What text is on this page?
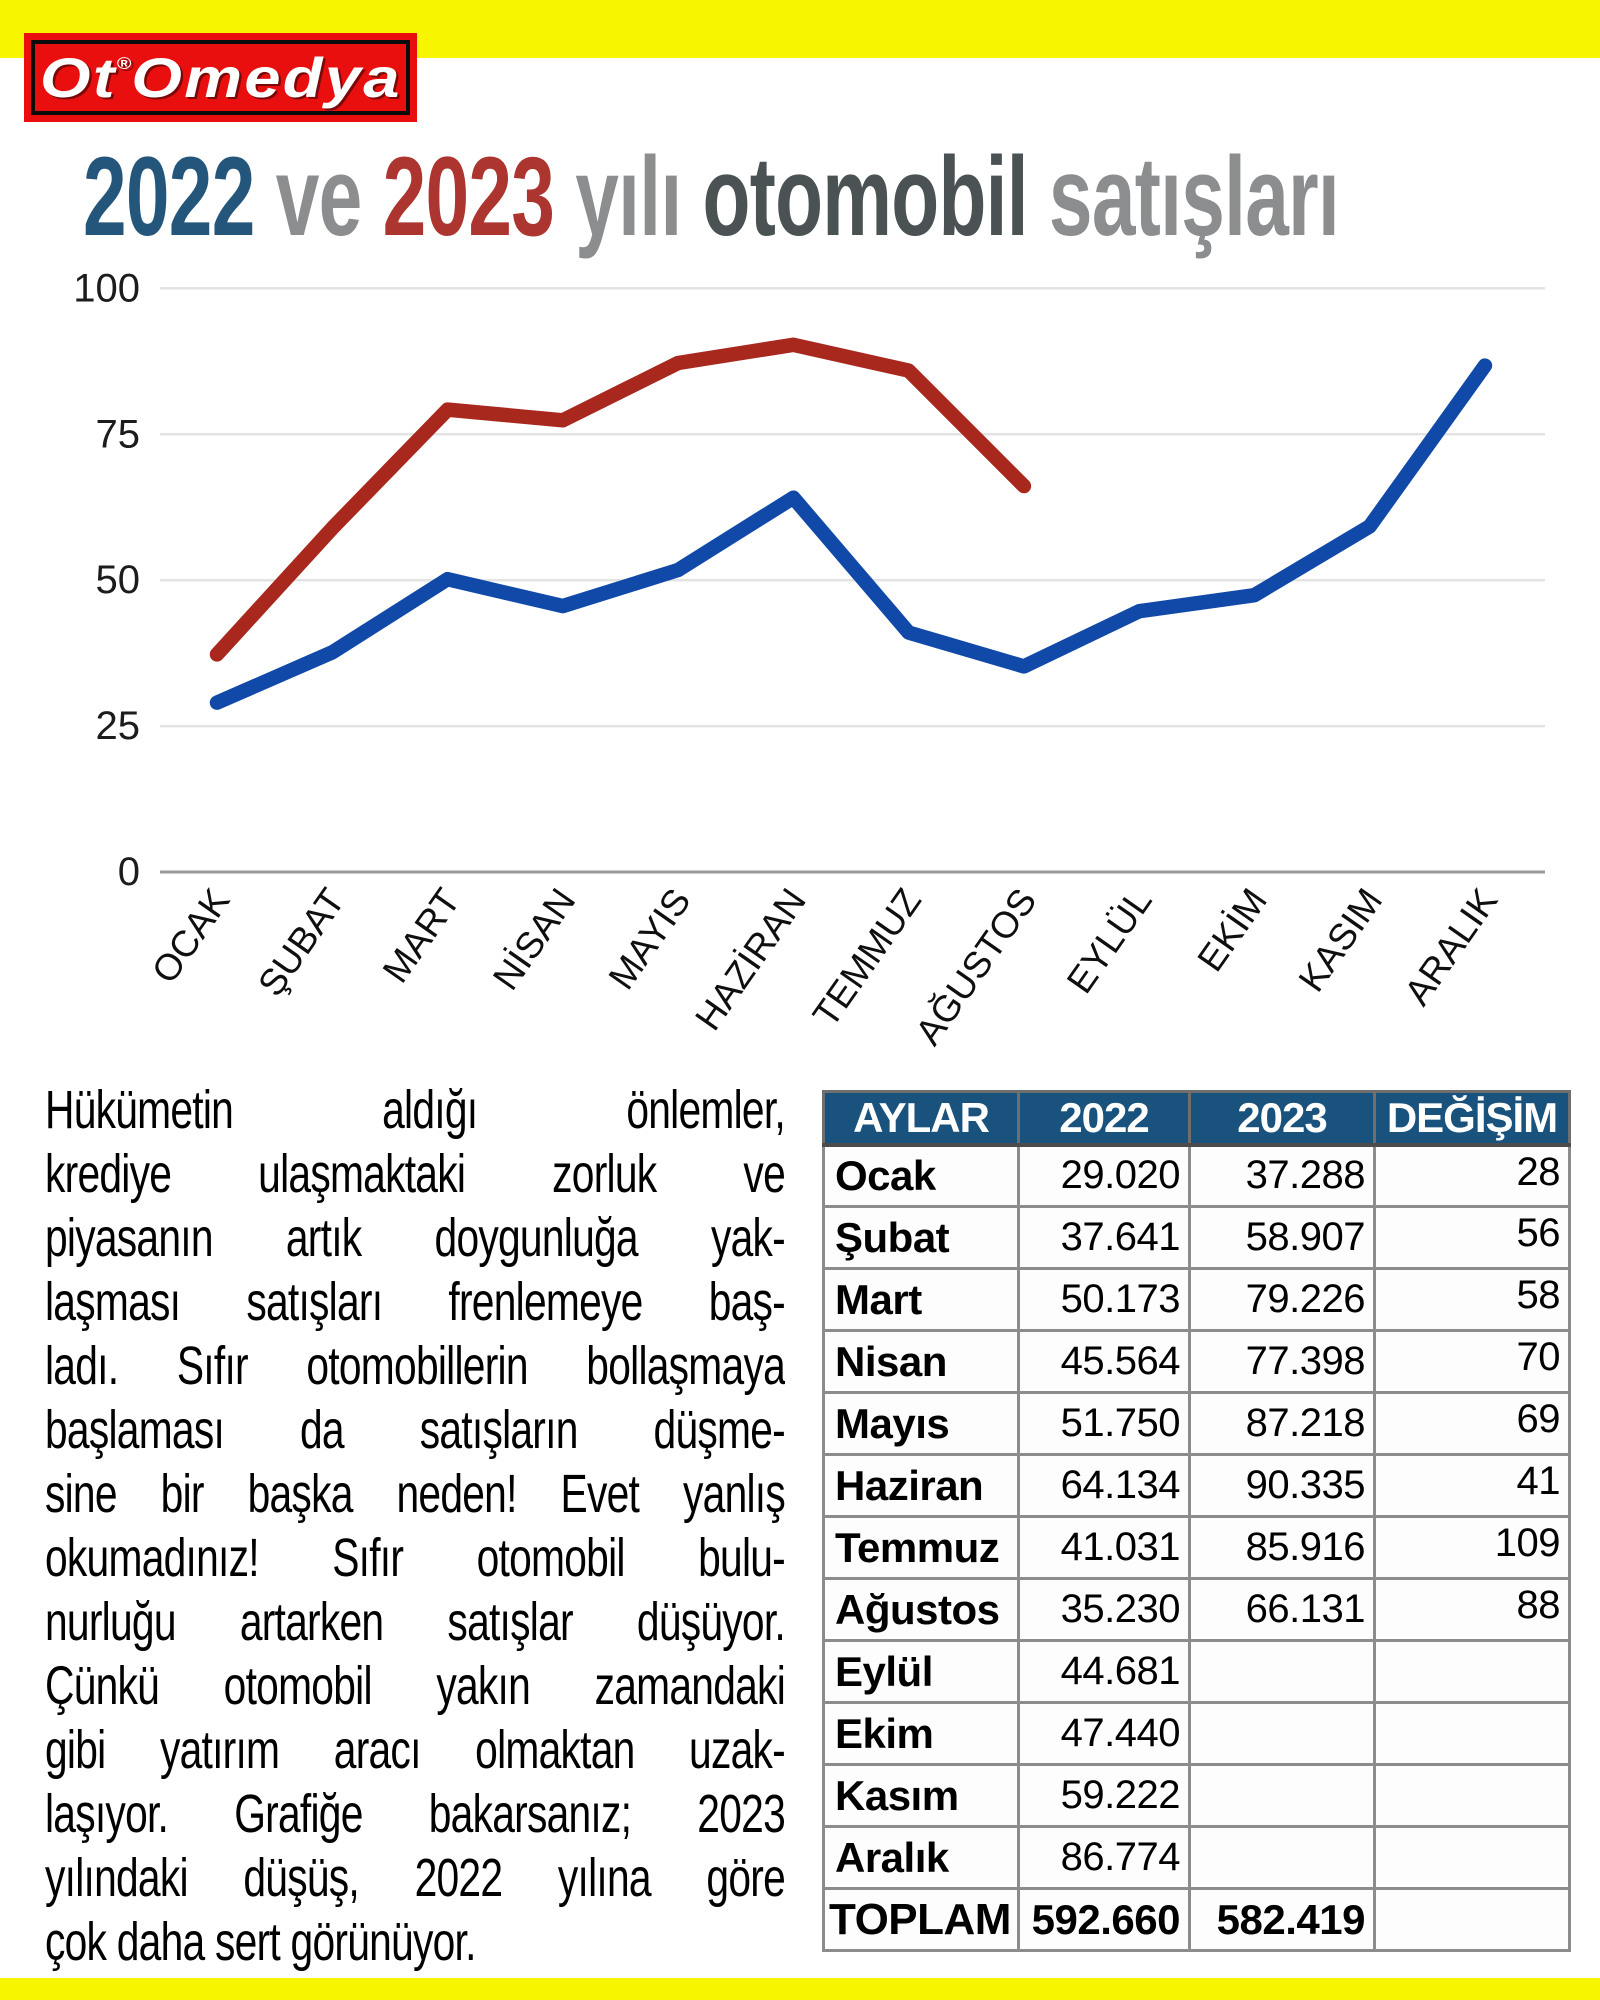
Ot®Omedya
2022 ve 2023 yılı otomobil satışları
0
25
50
75
100
OCAK ŞUBAT MART NİSAN MAYIS
HAZİRAN
TEMMUZ
AĞUSTOS EYLÜL EKİM KASIM ARALIK
Hükümetin aldığı önlemler,
krediye ulaşmaktaki zorluk ve
piyasanın artık doygunluğa yak-
laşması satışları frenlemeye baş-
ladı. Sıfır otomobillerin bollaşmaya
başlaması da satışların düşme-
sine bir başka neden! Evet yanlış
okumadınız! Sıfır otomobil bulu-
nurluğu artarken satışlar düşüyor.
Çünkü otomobil yakın zamandaki
gibi yatırım aracı olmaktan uzak-
laşıyor. Grafiğe bakarsanız; 2023
yılındaki düşüş, 2022 yılına göre
çok daha sert görünüyor.
AYLAR	2022	2023	DEĞİŞİM
Ocak	29.020	37.288	28
Şubat	37.641	58.907	56
Mart	50.173	79.226	58
Nisan	45.564	77.398	70
Mayıs	51.750	87.218	69
Haziran	64.134	90.335	41
Temmuz	41.031	85.916	109
Ağustos	35.230	66.131	88
Eylül	44.681		
Ekim	47.440		
Kasım	59.222		
Aralık	86.774		
TOPLAM	592.660	582.419	
